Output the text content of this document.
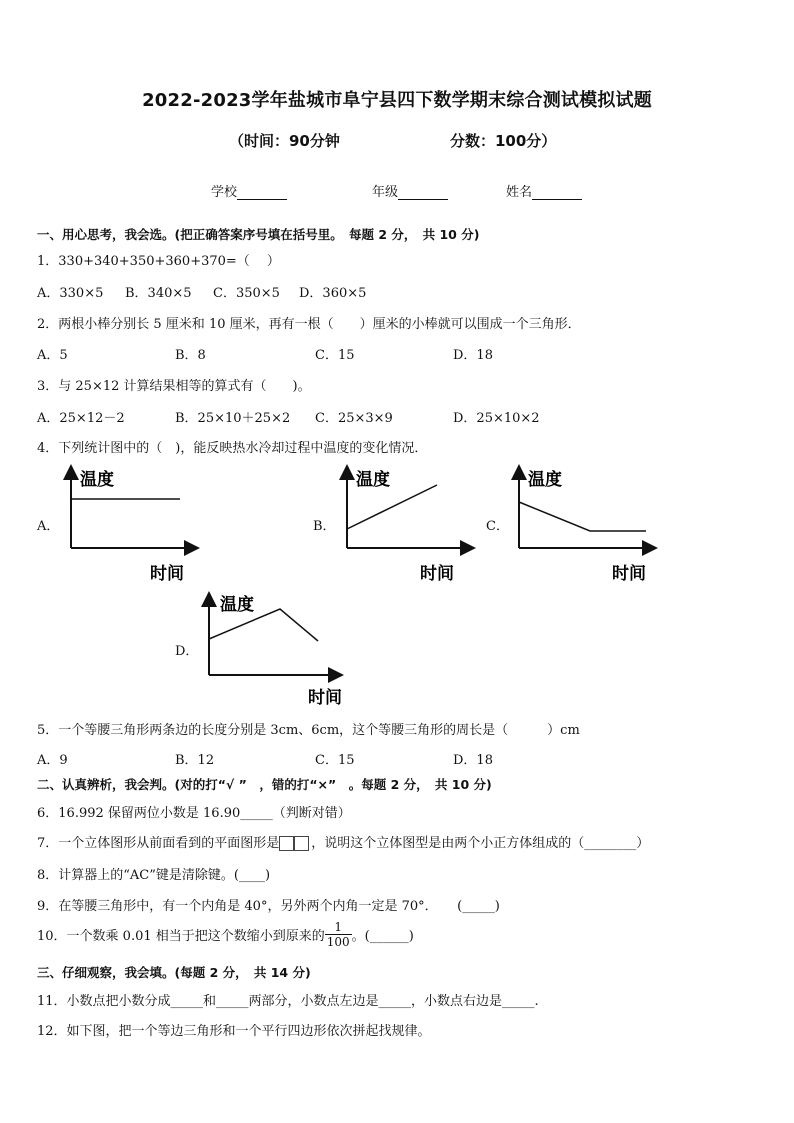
2022-2023学年盐城市阜宁县四下数学期末综合测试模拟试题
（时间：90分钟	分数：100分）
学校	年级	姓名
一、用心思考，我会选。(把正确答案序号填在括号里。　每题 2 分，　共 10 分)
1．330+340+350+360+370=（　 ）
A．330×5 B．340×5 C．350×5 D．360×5
2．两根小棒分别长 5 厘米和 10 厘米，再有一根（　　）厘米的小棒就可以围成一个三角形．
A．5	B．8	C．15	D．18
3．与 25×12 计算结果相等的算式有（　　)。
A．25×12－2	B．25×10＋25×2 C．25×3×9	D．25×10×2
4．下列统计图中的（　)，能反映热水冷却过程中温度的变化情况．
A．	B．	C．
D．
温度
时间
温度
时间
温度
时间
温度
时间
5．一个等腰三角形两条边的长度分别是 3cm、6cm，这个等腰三角形的周长是（　　　）cm
A．9	B．12	C．15	D．18
二、认真辨析，我会判。(对的打“√ ”　，错的打“×”　。每题 2 分，　共 10 分)
6．16.992 保留两位小数是 16.90_____（判断对错）
7．一个立体图形从前面看到的平面图形是 ，说明这个立体图型是由两个小正方体组成的（________）
8．计算器上的“AC”键是清除键。(____)
9．在等腰三角形中，有一个内角是 40°，另外两个内角一定是 70°．　　(_____)
10．一个数乘 0.01 相当于把这个数缩小到原来的 $\frac{1}{100}$ 。(______)
三、仔细观察，我会填。(每题 2 分，　共 14 分)
11．小数点把小数分成_____和_____两部分，小数点左边是_____，小数点右边是_____.
12．如下图，把一个等边三角形和一个平行四边形依次拼起找规律。
